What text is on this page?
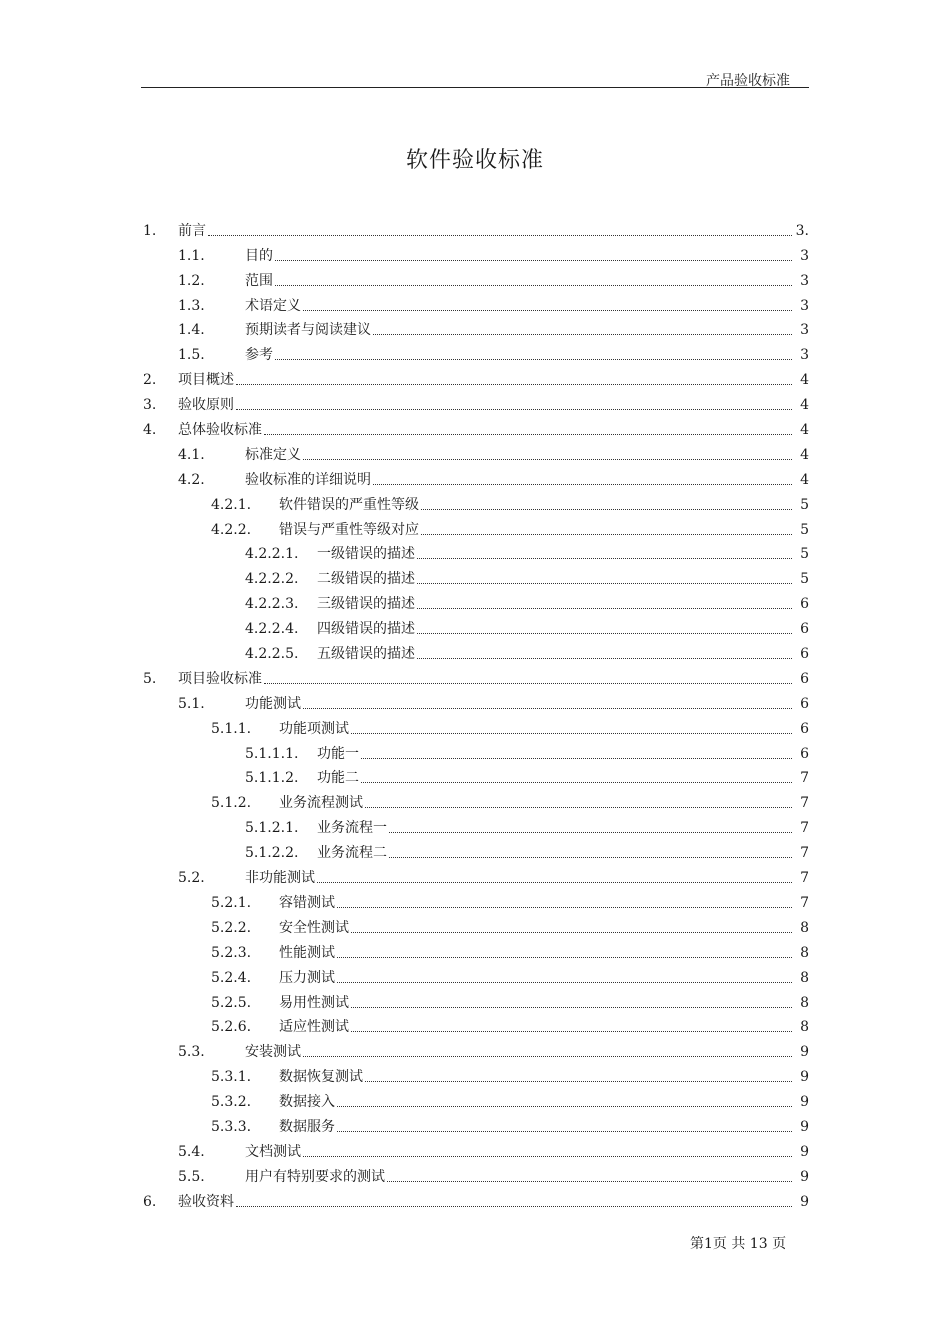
产品验收标准
软件验收标准
1.	前言	3.
1.1.	目的	3
1.2.	范围	3
1.3.	术语定义	3
1.4.	预期读者与阅读建议	3
1.5.	参考	3
2.	项目概述	4
3.	验收原则	4
4.	总体验收标准	4
4.1.	标准定义	4
4.2.	验收标准的详细说明	4
4.2.1.	软件错误的严重性等级	5
4.2.2.	错误与严重性等级对应	5
4.2.2.1.	一级错误的描述	5
4.2.2.2.	二级错误的描述	5
4.2.2.3.	三级错误的描述	6
4.2.2.4.	四级错误的描述	6
4.2.2.5.	五级错误的描述	6
5.	项目验收标准	6
5.1.	功能测试	6
5.1.1.	功能项测试	6
5.1.1.1.	功能一	6
5.1.1.2.	功能二	7
5.1.2.	业务流程测试	7
5.1.2.1.	业务流程一	7
5.1.2.2.	业务流程二	7
5.2.	非功能测试	7
5.2.1.	容错测试	7
5.2.2.	安全性测试	8
5.2.3.	性能测试	8
5.2.4.	压力测试	8
5.2.5.	易用性测试	8
5.2.6.	适应性测试	8
5.3.	安装测试	9
5.3.1.	数据恢复测试	9
5.3.2.	数据接入	9
5.3.3.	数据服务	9
5.4.	文档测试	9
5.5.	用户有特别要求的测试	9
6.	验收资料	9
第1页 共 13 页
